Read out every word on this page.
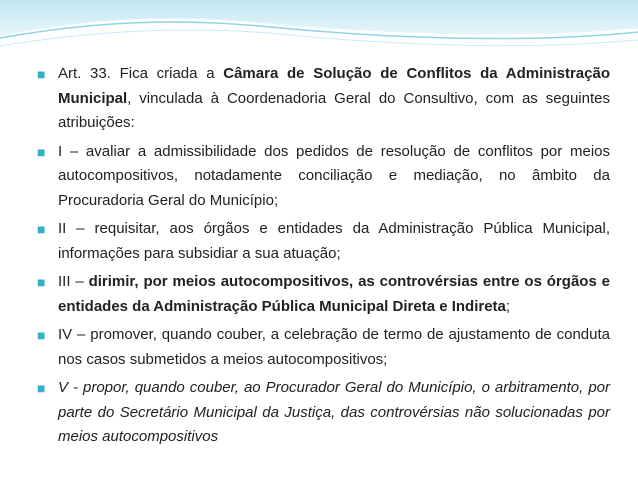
■ Art. 33. Fica criada a Câmara de Solução de Conflitos da Administração Municipal, vinculada à Coordenadoria Geral do Consultivo, com as seguintes atribuições:
■ I – avaliar a admissibilidade dos pedidos de resolução de conflitos por meios autocompositivos, notadamente conciliação e mediação, no âmbito da Procuradoria Geral do Município;
■ II – requisitar, aos órgãos e entidades da Administração Pública Municipal, informações para subsidiar a sua atuação;
■ III – dirimir, por meios autocompositivos, as controvérsias entre os órgãos e entidades da Administração Pública Municipal Direta e Indireta;
■ IV – promover, quando couber, a celebração de termo de ajustamento de conduta nos casos submetidos a meios autocompositivos;
■ V - propor, quando couber, ao Procurador Geral do Município, o arbitramento, por parte do Secretário Municipal da Justiça, das controvérsias não solucionadas por meios autocompositivos
